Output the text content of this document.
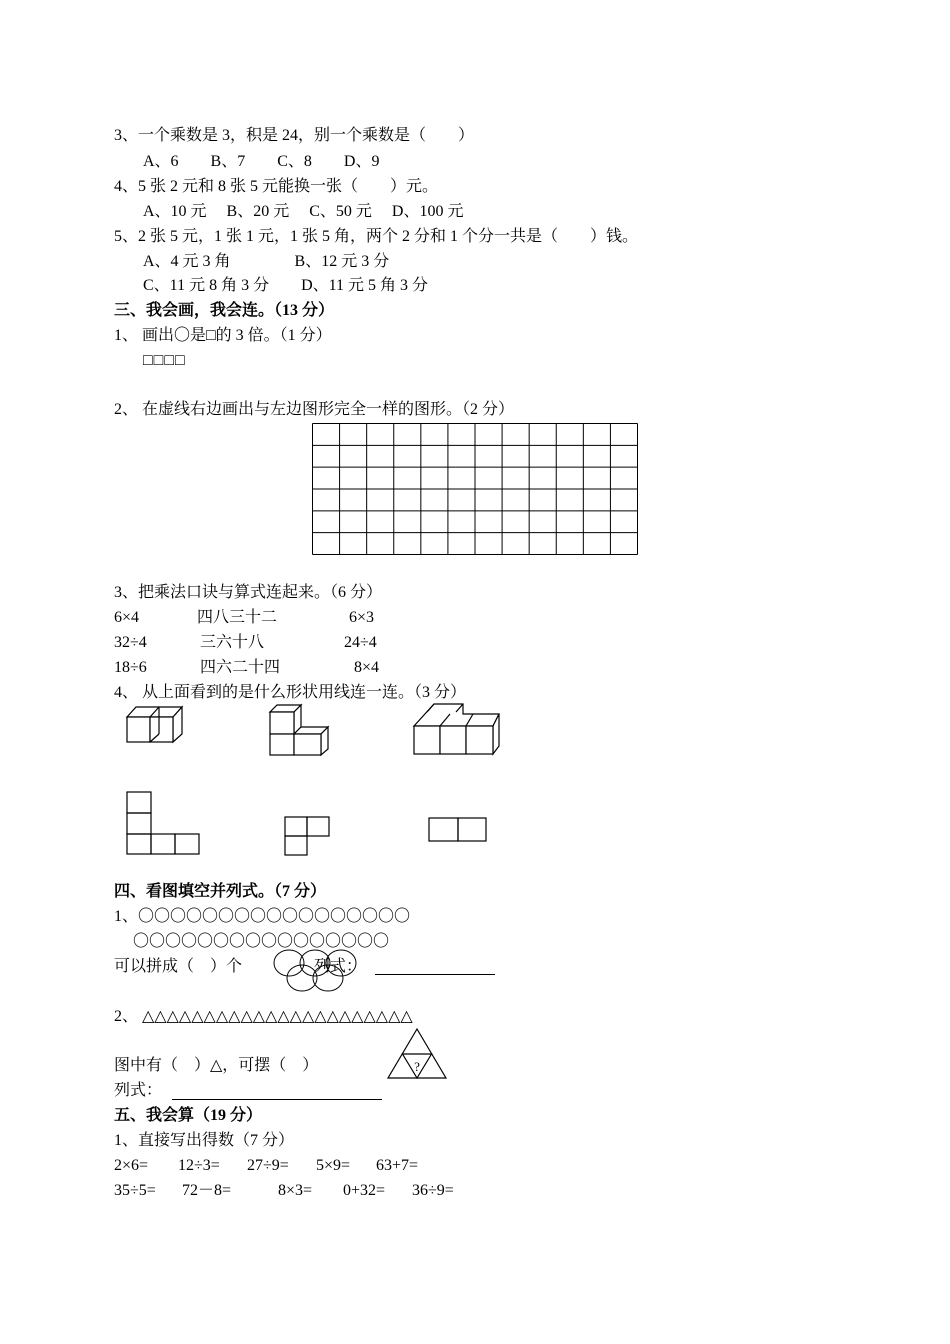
3、一个乘数是 3，积是 24，别一个乘数是（　　）
A、6　　B、7　　C、8　　D、9
4、5 张 2 元和 8 张 5 元能换一张（　　）元。
A、10 元　 B、20 元　 C、50 元　 D、100 元
5、2 张 5 元，1 张 1 元，1 张 5 角，两个 2 分和 1 个分一共是（　　）钱。
A、4 元 3 角　　　　B、12 元 3 分
C、11 元 8 角 3 分　　D、11 元 5 角 3 分
三、我会画，我会连。（13 分）
1、 画出〇是□的 3 倍。（1 分）
□□□□
2、 在虚线右边画出与左边图形完全一样的图形。（2 分）
3、把乘法口诀与算式连起来。（6 分）
6×4	四八三十二	6×3
32÷4	三六十八	24÷4
18÷6	四六二十四	8×4
4、 从上面看到的是什么形状用线连一连。（3 分）
四、看图填空并列式。（7 分）
1、〇〇〇〇〇〇〇〇〇〇〇〇〇〇〇〇〇
〇〇〇〇〇〇〇〇〇〇〇〇〇〇〇〇
可以拼成（　）个	列式：
2、 △△△△△△△△△△△△△△△△△△△△△△
图中有（　）△，可摆（　）	?
列式：
五、我会算（19 分）
1、直接写出得数（7 分）
2×6= 12÷3= 27÷9= 5×9= 63+7=
35÷5= 72－8=	8×3= 0+32= 36÷9=
